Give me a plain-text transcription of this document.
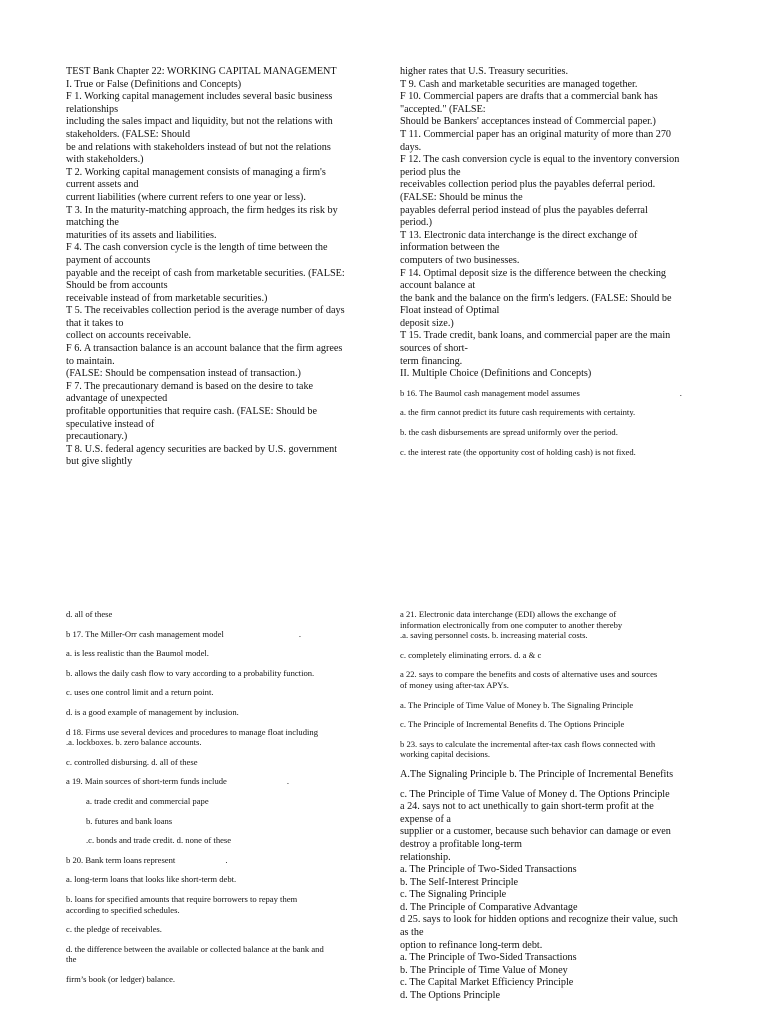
TEST Bank Chapter 22: WORKING CAPITAL MANAGEMENT

I. True or False (Definitions and Concepts)

F 1. Working capital management includes several basic business

relationships

including the sales impact and liquidity, but not the relations with

stakeholders. (FALSE: Should

be and relations with stakeholders instead of but not the relations

with stakeholders.)

T 2. Working capital management consists of managing a firm's

current assets and

current liabilities (where current refers to one year or less).

T 3. In the maturity-matching approach, the firm hedges its risk by

matching the

maturities of its assets and liabilities.

F 4. The cash conversion cycle is the length of time between the

payment of accounts

payable and the receipt of cash from marketable securities. (FALSE:

Should be from accounts

receivable instead of from marketable securities.)

T 5. The receivables collection period is the average number of days

that it takes to

collect on accounts receivable.

F 6. A transaction balance is an account balance that the firm agrees

to maintain.

(FALSE: Should be compensation instead of transaction.)

F 7. The precautionary demand is based on the desire to take

advantage of unexpected

profitable opportunities that require cash. (FALSE: Should be

speculative instead of

precautionary.)

T 8. U.S. federal agency securities are backed by U.S. government

but give slightly

higher rates that U.S. Treasury securities.

T 9. Cash and marketable securities are managed together.

F 10. Commercial papers are drafts that a commercial bank has

"accepted." (FALSE:

Should be Bankers' acceptances instead of Commercial paper.)

T 11. Commercial paper has an original maturity of more than 270

days.

F 12. The cash conversion cycle is equal to the inventory conversion

period plus the

receivables collection period plus the payables deferral period.

(FALSE: Should be minus the

payables deferral period instead of plus the payables deferral

period.)

T 13. Electronic data interchange is the direct exchange of

information between the

computers of two businesses.

F 14. Optimal deposit size is the difference between the checking

account balance at

the bank and the balance on the firm's ledgers. (FALSE: Should be

Float instead of Optimal

deposit size.)

T 15. Trade credit, bank loans, and commercial paper are the main

sources of short-

term financing.

II. Multiple Choice (Definitions and Concepts)

b 16. The Baumol cash management model assumes	.

a. the firm cannot predict its future cash requirements with certainty.

b. the cash disbursements are spread uniformly over the period.

c. the interest rate (the opportunity cost of holding cash) is not fixed.

d. all of these

b 17. The Miller-Orr cash management model	.

a. is less realistic than the Baumol model.

b. allows the daily cash flow to vary according to a probability function.

c. uses one control limit and a return point.

d. is a good example of management by inclusion.

d 18. Firms use several devices and procedures to manage float including

.a. lockboxes. b. zero balance accounts.

c. controlled disbursing. d. all of these

a 19. Main sources of short-term funds include	.

a. trade credit and commercial pape

b. futures and bank loans

.c. bonds and trade credit. d. none of these

b 20. Bank term loans represent	.

a. long-term loans that looks like short-term debt.

b. loans for specified amounts that require borrowers to repay them

according to specified schedules.

c. the pledge of receivables.

d. the difference between the available or collected balance at the bank and

the

firm’s book (or ledger) balance.

a 21. Electronic data interchange (EDI) allows the exchange of

information electronically from one computer to another thereby

.a. saving personnel costs. b. increasing material costs.

c. completely eliminating errors. d. a & c

a 22. says to compare the benefits and costs of alternative uses and sources

of money using after-tax APYs.

a. The Principle of Time Value of Money b. The Signaling Principle

c. The Principle of Incremental Benefits d. The Options Principle

b 23. says to calculate the incremental after-tax cash flows connected with

working capital decisions.

A.The Signaling Principle b. The Principle of Incremental Benefits

c. The Principle of Time Value of Money d. The Options Principle

a 24. says not to act unethically to gain short-term profit at the

expense of a

supplier or a customer, because such behavior can damage or even

destroy a profitable long-term

relationship.

a. The Principle of Two-Sided Transactions

b. The Self-Interest Principle

c. The Signaling Principle

d. The Principle of Comparative Advantage

d 25. says to look for hidden options and recognize their value, such

as the

option to refinance long-term debt.

a. The Principle of Two-Sided Transactions

b. The Principle of Time Value of Money

c. The Capital Market Efficiency Principle

d. The Options Principle
